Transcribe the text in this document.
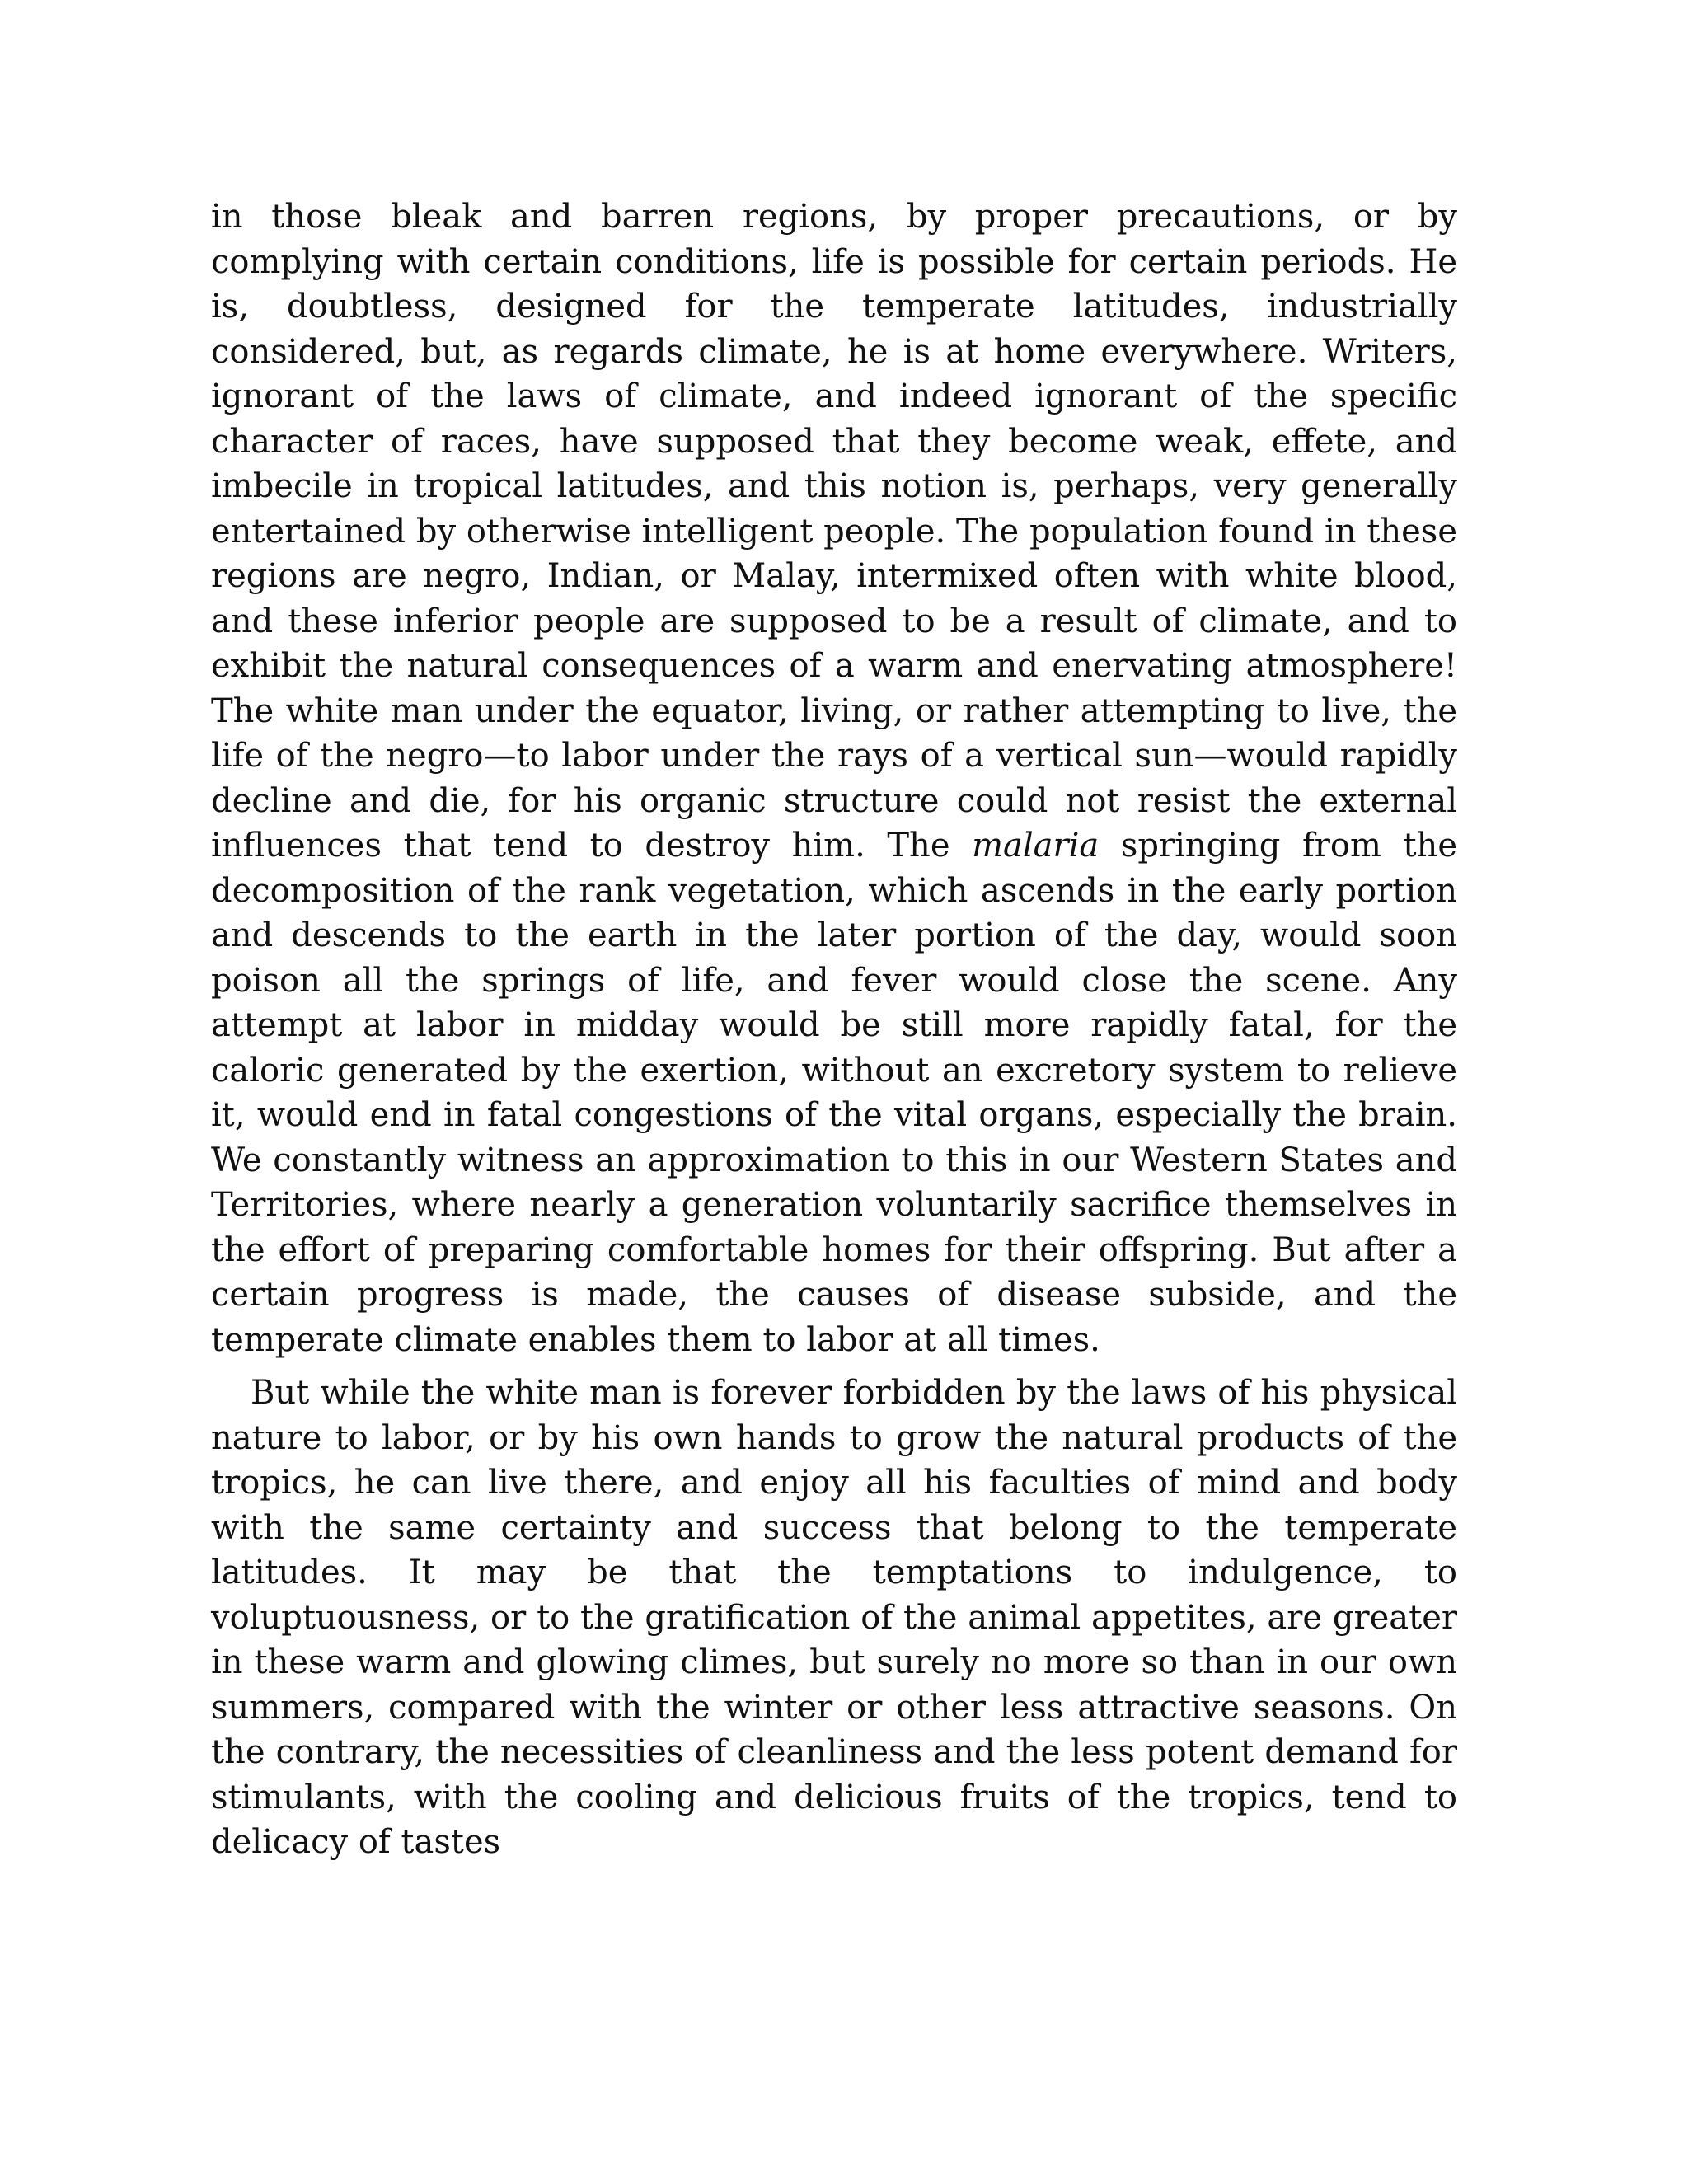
in those bleak and barren regions, by proper precautions, or by complying with certain conditions, life is possible for certain periods. He is, doubtless, designed for the temperate latitudes, industrially considered, but, as regards climate, he is at home everywhere. Writers, ignorant of the laws of climate, and indeed ignorant of the specific character of races, have supposed that they become weak, effete, and imbecile in tropical latitudes, and this notion is, perhaps, very generally entertained by otherwise intelligent people. The population found in these regions are negro, Indian, or Malay, intermixed often with white blood, and these inferior people are supposed to be a result of climate, and to exhibit the natural consequences of a warm and enervating atmosphere! The white man under the equator, living, or rather attempting to live, the life of the negro—to labor under the rays of a vertical sun—would rapidly decline and die, for his organic structure could not resist the external influences that tend to destroy him. The malaria springing from the decomposition of the rank vegetation, which ascends in the early portion and descends to the earth in the later portion of the day, would soon poison all the springs of life, and fever would close the scene. Any attempt at labor in midday would be still more rapidly fatal, for the caloric generated by the exertion, without an excretory system to relieve it, would end in fatal congestions of the vital organs, especially the brain. We constantly witness an approximation to this in our Western States and Territories, where nearly a generation voluntarily sacrifice themselves in the effort of preparing comfortable homes for their offspring. But after a certain progress is made, the causes of disease subside, and the temperate climate enables them to labor at all times.

But while the white man is forever forbidden by the laws of his physical nature to labor, or by his own hands to grow the natural products of the tropics, he can live there, and enjoy all his faculties of mind and body with the same certainty and success that belong to the temperate latitudes. It may be that the temptations to indulgence, to voluptuousness, or to the gratification of the animal appetites, are greater in these warm and glowing climes, but surely no more so than in our own summers, compared with the winter or other less attractive seasons. On the contrary, the necessities of cleanliness and the less potent demand for stimulants, with the cooling and delicious fruits of the tropics, tend to delicacy of tastes
